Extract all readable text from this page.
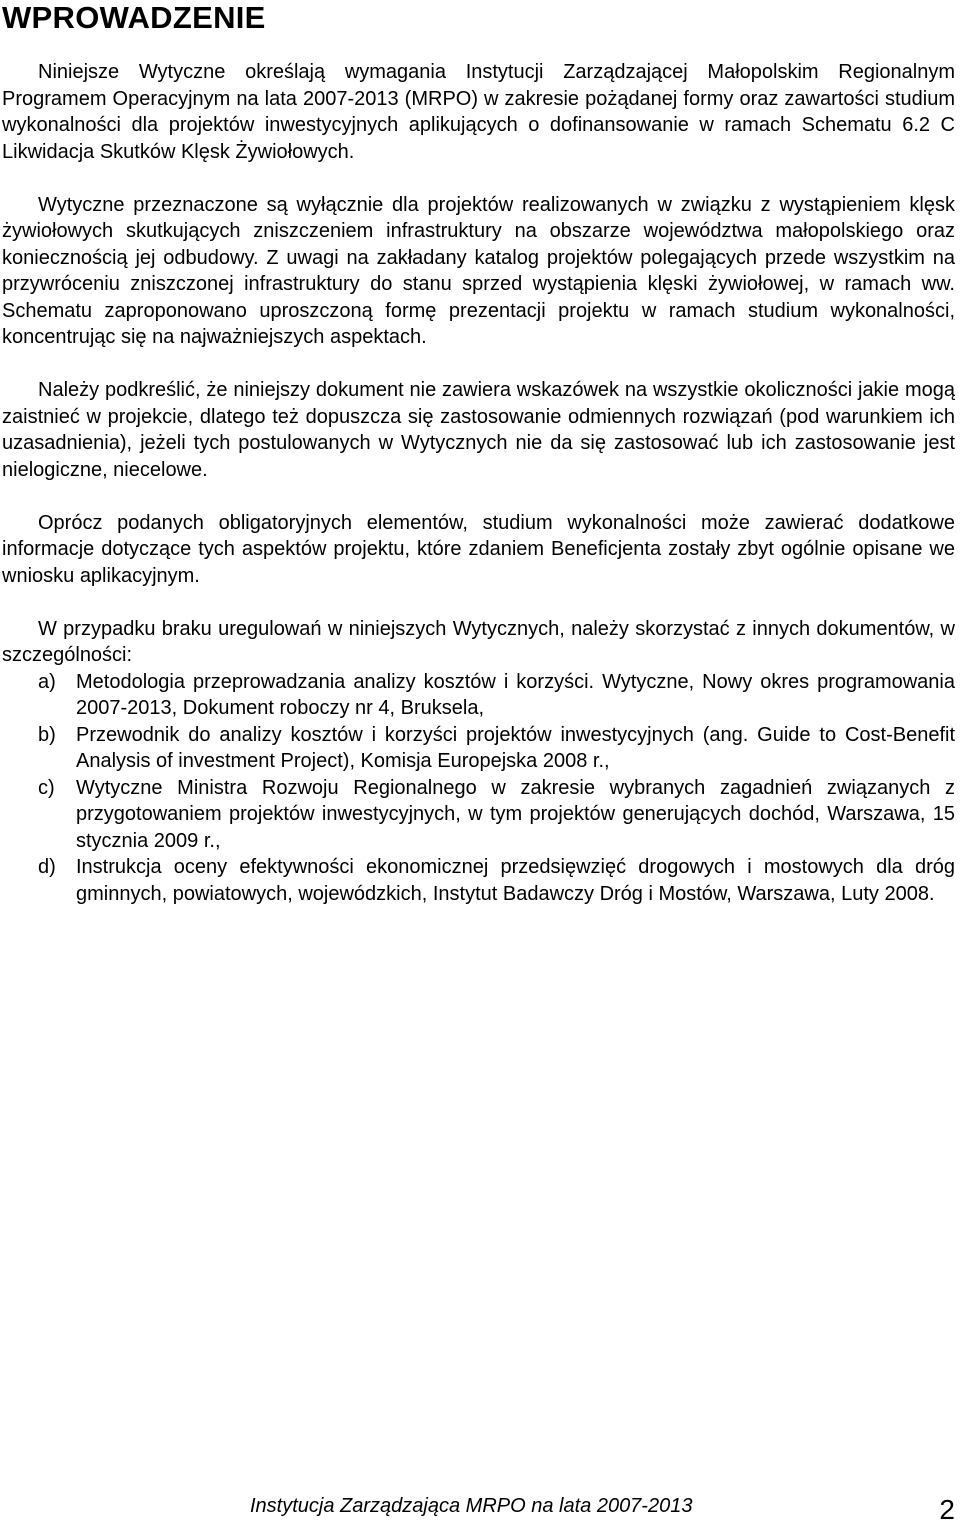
WPROWADZENIE

Niniejsze Wytyczne określają wymagania Instytucji Zarządzającej Małopolskim Regionalnym Programem Operacyjnym na lata 2007-2013 (MRPO) w zakresie pożądanej formy oraz zawartości studium wykonalności dla projektów inwestycyjnych aplikujących o dofinansowanie w ramach Schematu 6.2 C Likwidacja Skutków Klęsk Żywiołowych.

Wytyczne przeznaczone są wyłącznie dla projektów realizowanych w związku z wystąpieniem klęsk żywiołowych skutkujących zniszczeniem infrastruktury na obszarze województwa małopolskiego oraz koniecznością jej odbudowy. Z uwagi na zakładany katalog projektów polegających przede wszystkim na przywróceniu zniszczonej infrastruktury do stanu sprzed wystąpienia klęski żywiołowej, w ramach ww. Schematu zaproponowano uproszczoną formę prezentacji projektu w ramach studium wykonalności, koncentrując się na najważniejszych aspektach.

Należy podkreślić, że niniejszy dokument nie zawiera wskazówek na wszystkie okoliczności jakie mogą zaistnieć w projekcie, dlatego też dopuszcza się zastosowanie odmiennych rozwiązań (pod warunkiem ich uzasadnienia), jeżeli tych postulowanych w Wytycznych nie da się zastosować lub ich zastosowanie jest nielogiczne, niecelowe.

Oprócz podanych obligatoryjnych elementów, studium wykonalności może zawierać dodatkowe informacje dotyczące tych aspektów projektu, które zdaniem Beneficjenta zostały zbyt ogólnie opisane we wniosku aplikacyjnym.

W przypadku braku uregulowań w niniejszych Wytycznych, należy skorzystać z innych dokumentów, w szczególności:

a) Metodologia przeprowadzania analizy kosztów i korzyści. Wytyczne, Nowy okres programowania 2007-2013, Dokument roboczy nr 4, Bruksela,
b) Przewodnik do analizy kosztów i korzyści projektów inwestycyjnych (ang. Guide to Cost-Benefit Analysis of investment Project), Komisja Europejska 2008 r.,
c) Wytyczne Ministra Rozwoju Regionalnego w zakresie wybranych zagadnień związanych z przygotowaniem projektów inwestycyjnych, w tym projektów generujących dochód, Warszawa, 15 stycznia 2009 r.,
d) Instrukcja oceny efektywności ekonomicznej przedsięwzięć drogowych i mostowych dla dróg gminnych, powiatowych, wojewódzkich, Instytut Badawczy Dróg i Mostów, Warszawa, Luty 2008.
Instytucja Zarządzająca MRPO na lata 2007-2013	2
